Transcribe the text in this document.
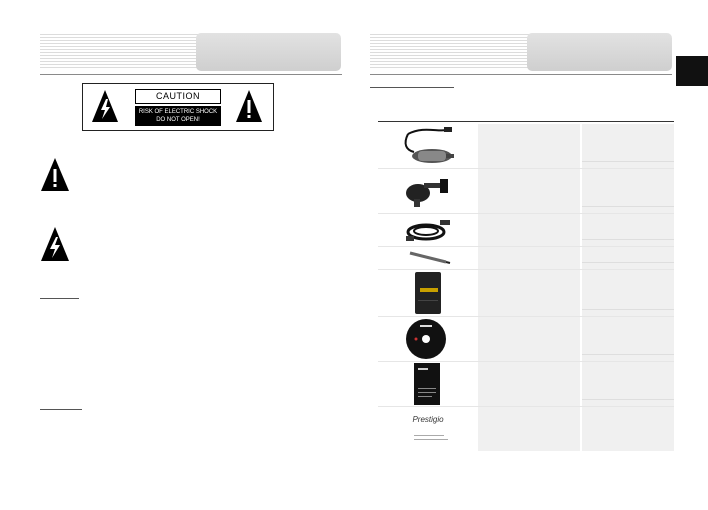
CAUTION
RISK OF ELECTRIC SHOCK
DO NOT OPEN!
Prestigio
